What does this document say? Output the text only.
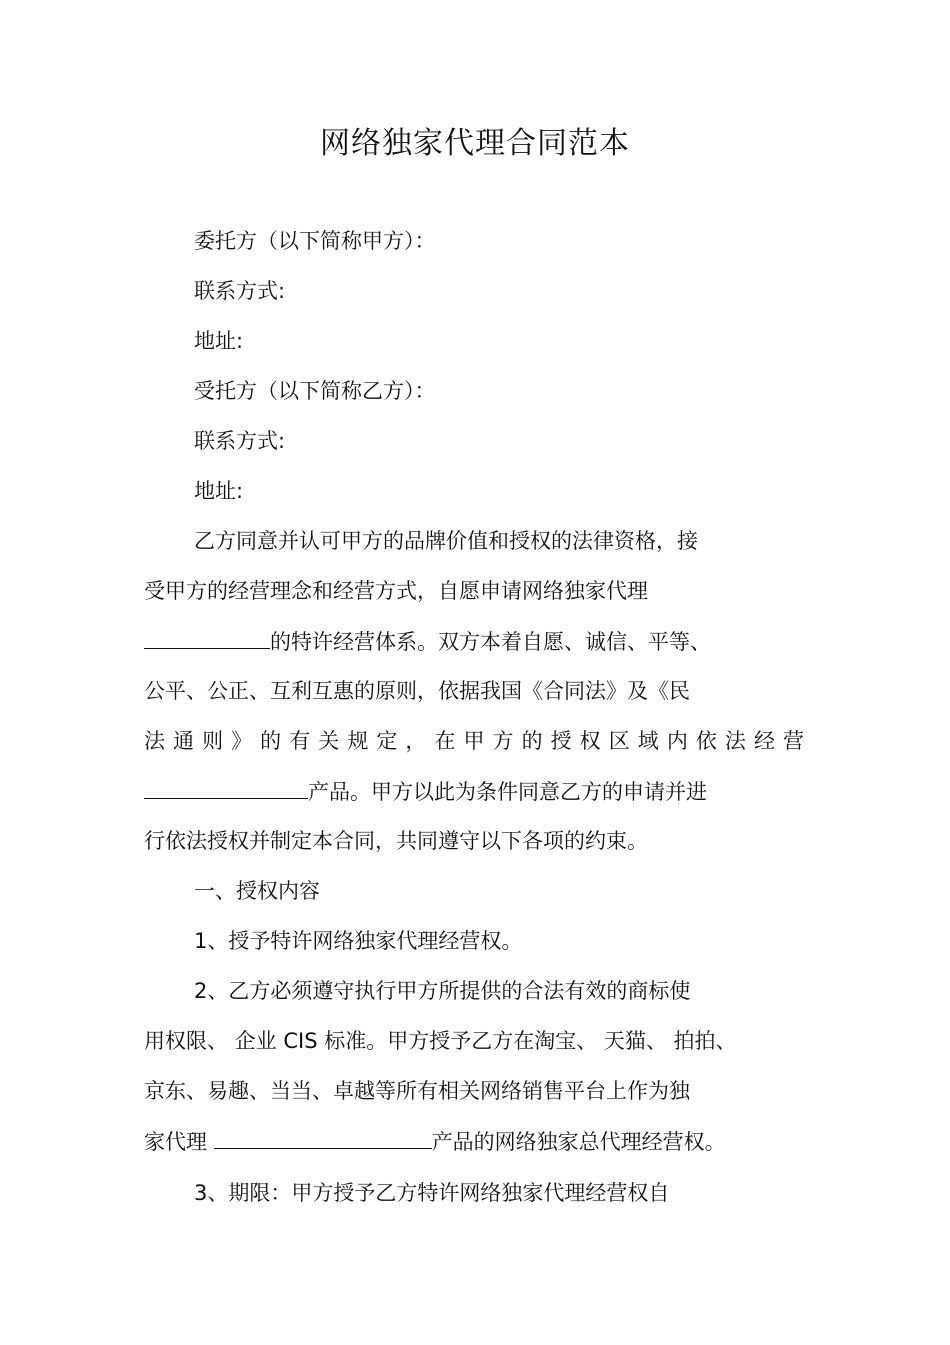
网络独家代理合同范本
委托方（以下简称甲方）：
联系方式:
地址:
受托方（以下简称乙方）：
联系方式:
地址:
乙方同意并认可甲方的品牌价值和授权的法律资格，接
受甲方的经营理念和经营方式，自愿申请网络独家代理
的特许经营体系。双方本着自愿、诚信、平等、
公平、公正、互利互惠的原则，依据我国《合同法》及《民
法通则》的有关规定，在甲方的授权区域内依法经营
产品。甲方以此为条件同意乙方的申请并进
行依法授权并制定本合同，共同遵守以下各项的约束。
一、授权内容
1、授予特许网络独家代理经营权。
2、乙方必须遵守执行甲方所提供的合法有效的商标使
用权限、 企业 CIS 标准。甲方授予乙方在淘宝、 天猫、 拍拍、
京东、易趣、当当、卓越等所有相关网络销售平台上作为独
家代理	产品的网络独家总代理经营权。
3、期限：甲方授予乙方特许网络独家代理经营权自
